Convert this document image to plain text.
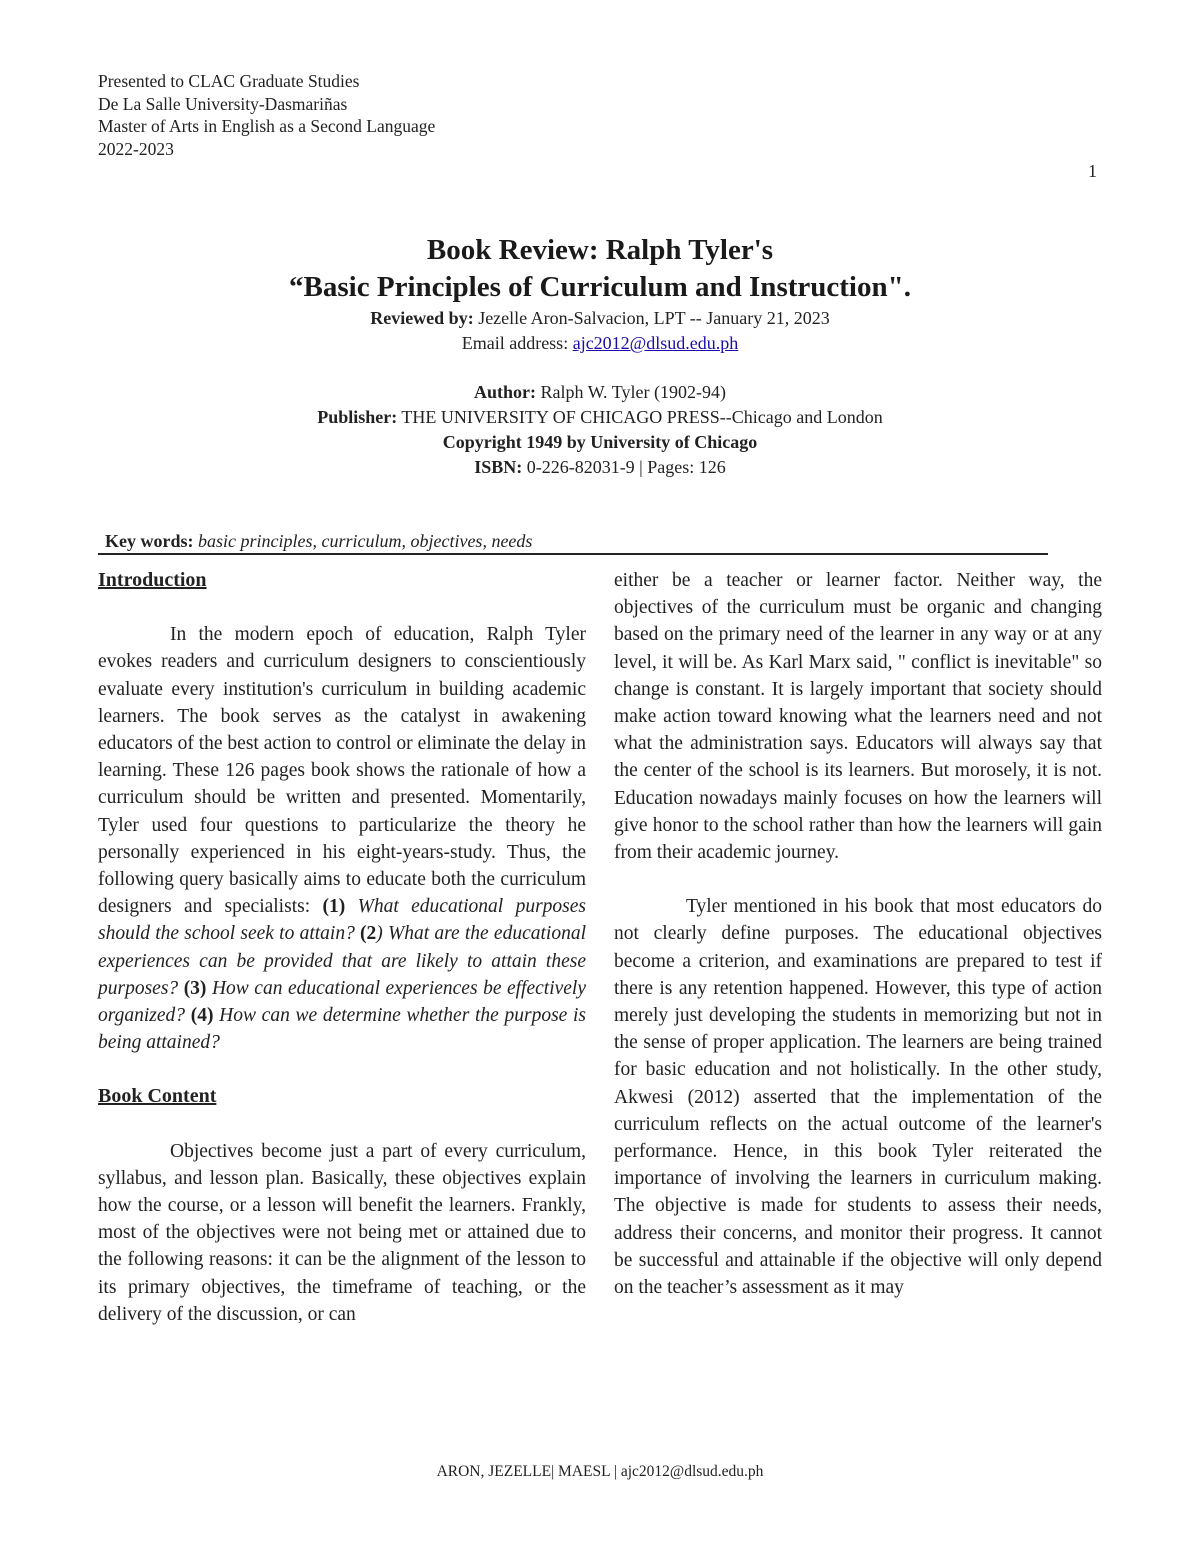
Presented to CLAC Graduate Studies
De La Salle University-Dasmariñas
Master of Arts in English as a Second Language
2022-2023
1
Book Review: Ralph Tyler's
“Basic Principles of Curriculum and Instruction".
Reviewed by: Jezelle Aron-Salvacion, LPT -- January 21, 2023
Email address: ajc2012@dlsud.edu.ph
Author: Ralph W. Tyler (1902-94)
Publisher: THE UNIVERSITY OF CHICAGO PRESS--Chicago and London
Copyright 1949 by University of Chicago
ISBN: 0-226-82031-9 | Pages: 126
Key words: basic principles, curriculum, objectives, needs

Introduction

In the modern epoch of education, Ralph Tyler evokes readers and curriculum designers to conscientiously evaluate every institution's curriculum in building academic learners. The book serves as the catalyst in awakening educators of the best action to control or eliminate the delay in learning. These 126 pages book shows the rationale of how a curriculum should be written and presented. Momentarily, Tyler used four questions to particularize the theory he personally experienced in his eight-years-study. Thus, the following query basically aims to educate both the curriculum designers and specialists: (1) What educational purposes should the school seek to attain? (2) What are the educational experiences can be provided that are likely to attain these purposes? (3) How can educational experiences be effectively organized? (4) How can we determine whether the purpose is being attained?

Book Content

Objectives become just a part of every curriculum, syllabus, and lesson plan. Basically, these objectives explain how the course, or a lesson will benefit the learners. Frankly, most of the objectives were not being met or attained due to the following reasons: it can be the alignment of the lesson to its primary objectives, the timeframe of teaching, or the delivery of the discussion, or can

either be a teacher or learner factor. Neither way, the objectives of the curriculum must be organic and changing based on the primary need of the learner in any way or at any level, it will be. As Karl Marx said, " conflict is inevitable" so change is constant. It is largely important that society should make action toward knowing what the learners need and not what the administration says. Educators will always say that the center of the school is its learners. But morosely, it is not. Education nowadays mainly focuses on how the learners will give honor to the school rather than how the learners will gain from their academic journey.

Tyler mentioned in his book that most educators do not clearly define purposes. The educational objectives become a criterion, and examinations are prepared to test if there is any retention happened. However, this type of action merely just developing the students in memorizing but not in the sense of proper application. The learners are being trained for basic education and not holistically. In the other study, Akwesi (2012) asserted that the implementation of the curriculum reflects on the actual outcome of the learner's performance. Hence, in this book Tyler reiterated the importance of involving the learners in curriculum making. The objective is made for students to assess their needs, address their concerns, and monitor their progress. It cannot be successful and attainable if the objective will only depend on the teacher’s assessment as it may

ARON, JEZELLE| MAESL | ajc2012@dlsud.edu.ph
